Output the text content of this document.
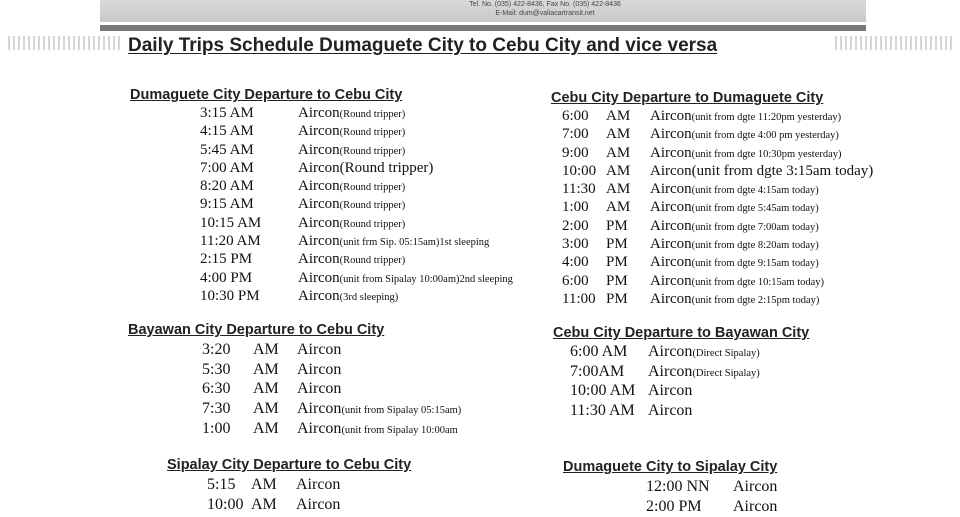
Tel. No. (035) 422-8436, Fax No. (035) 422-8436
E-Mail: dum@valiacartransit.net
Daily Trips Schedule Dumaguete City to Cebu City and vice versa
Dumaguete City Departure to Cebu City
3:15 AM	Aircon(Round tripper)
4:15 AM	Aircon(Round tripper)
5:45 AM	Aircon(Round tripper)
7:00 AM	Aircon(Round tripper)
8:20 AM	Aircon(Round tripper)
9:15 AM	Aircon(Round tripper)
10:15 AM Aircon(Round tripper)
11:20 AM Aircon(unit frm Sip. 05:15am)1st sleeping
2:15 PM	Aircon(Round tripper)
4:00 PM	Aircon(unit from Sipalay 10:00am)2nd sleeping
10:30 PM	Aircon(3rd sleeping)
Cebu City Departure to Dumaguete City
6:00 AM Aircon(unit from dgte 11:20pm yesterday)
7:00 AM Aircon(unit from dgte 4:00 pm yesterday)
9:00 AM Aircon(unit from dgte 10:30pm yesterday)
10:00 AM Aircon(unit from dgte 3:15am today)
11:30 AM Aircon(unit from dgte 4:15am today)
1:00 AM Aircon(unit from dgte 5:45am today)
2:00 PM Aircon(unit from dgte 7:00am today)
3:00 PM Aircon(unit from dgte 8:20am today)
4:00 PM Aircon(unit from dgte 9:15am today)
6:00 PM Aircon(unit from dgte 10:15am today)
11:00 PM Aircon(unit from dgte 2:15pm today)
Bayawan City Departure to Cebu City
3:20 AM Aircon
5:30 AM Aircon
6:30 AM Aircon
7:30 AM Aircon(unit from Sipalay 05:15am)
1:00 AM Aircon(unit from Sipalay 10:00am
Cebu City Departure to Bayawan City
6:00 AM Aircon(Direct Sipalay)
7:00AM Aircon(Direct Sipalay)
10:00 AM Aircon
11:30 AM Aircon
Sipalay City Departure to Cebu City
5:15 AM Aircon
10:00 AM Aircon
Dumaguete City to Sipalay City
12:00 NN Aircon
2:00 PM Aircon
